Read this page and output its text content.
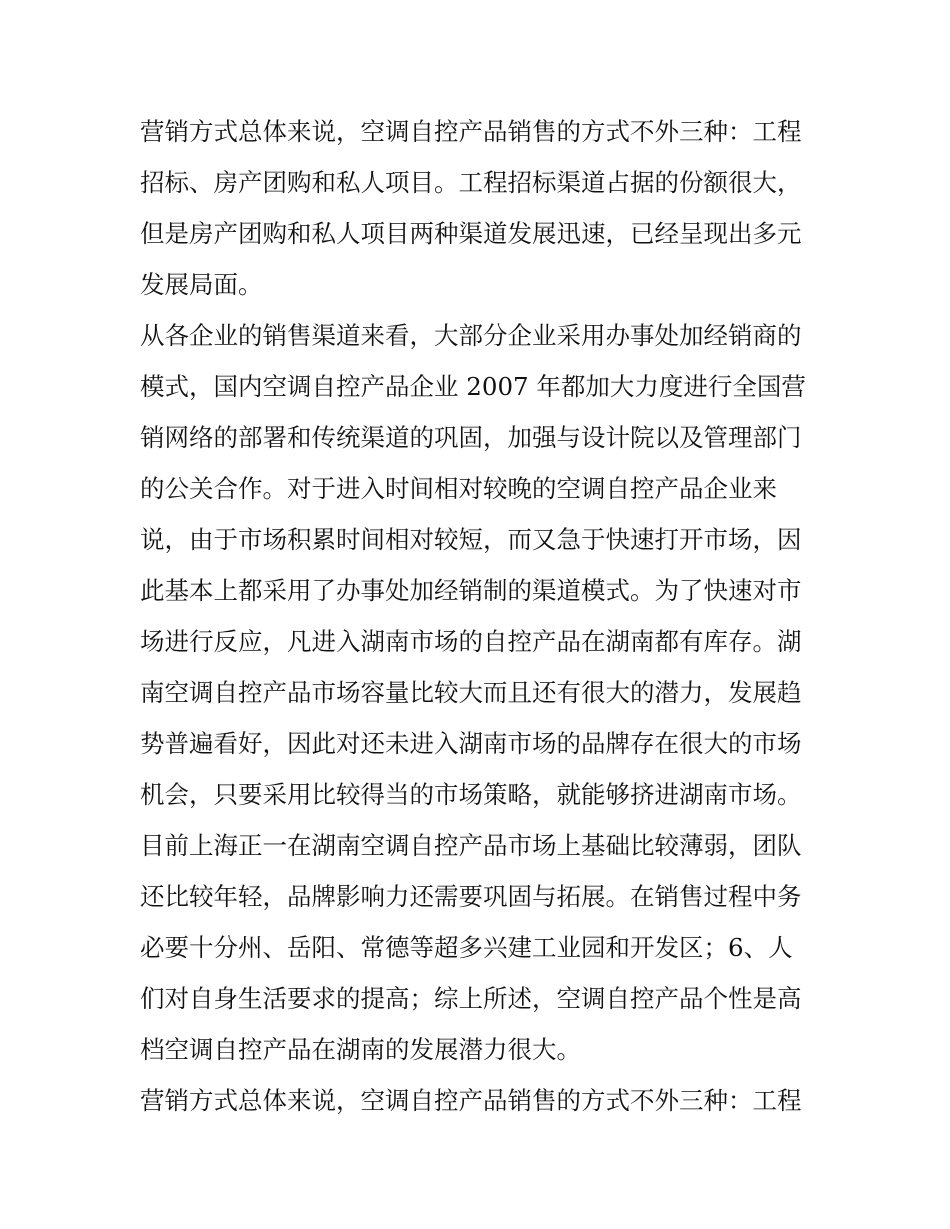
营销方式总体来说，空调自控产品销售的方式不外三种：工程
招标、房产团购和私人项目。工程招标渠道占据的份额很大，
但是房产团购和私人项目两种渠道发展迅速，已经呈现出多元
发展局面。
从各企业的销售渠道来看，大部分企业采用办事处加经销商的
模式，国内空调自控产品企业 2007 年都加大力度进行全国营
销网络的部署和传统渠道的巩固，加强与设计院以及管理部门
的公关合作。对于进入时间相对较晚的空调自控产品企业来
说，由于市场积累时间相对较短，而又急于快速打开市场，因
此基本上都采用了办事处加经销制的渠道模式。为了快速对市
场进行反应，凡进入湖南市场的自控产品在湖南都有库存。湖
南空调自控产品市场容量比较大而且还有很大的潜力，发展趋
势普遍看好，因此对还未进入湖南市场的品牌存在很大的市场
机会，只要采用比较得当的市场策略，就能够挤进湖南市场。
目前上海正一在湖南空调自控产品市场上基础比较薄弱，团队
还比较年轻，品牌影响力还需要巩固与拓展。在销售过程中务
必要十分州、岳阳、常德等超多兴建工业园和开发区；6、人
们对自身生活要求的提高；综上所述，空调自控产品个性是高
档空调自控产品在湖南的发展潜力很大。
营销方式总体来说，空调自控产品销售的方式不外三种：工程
